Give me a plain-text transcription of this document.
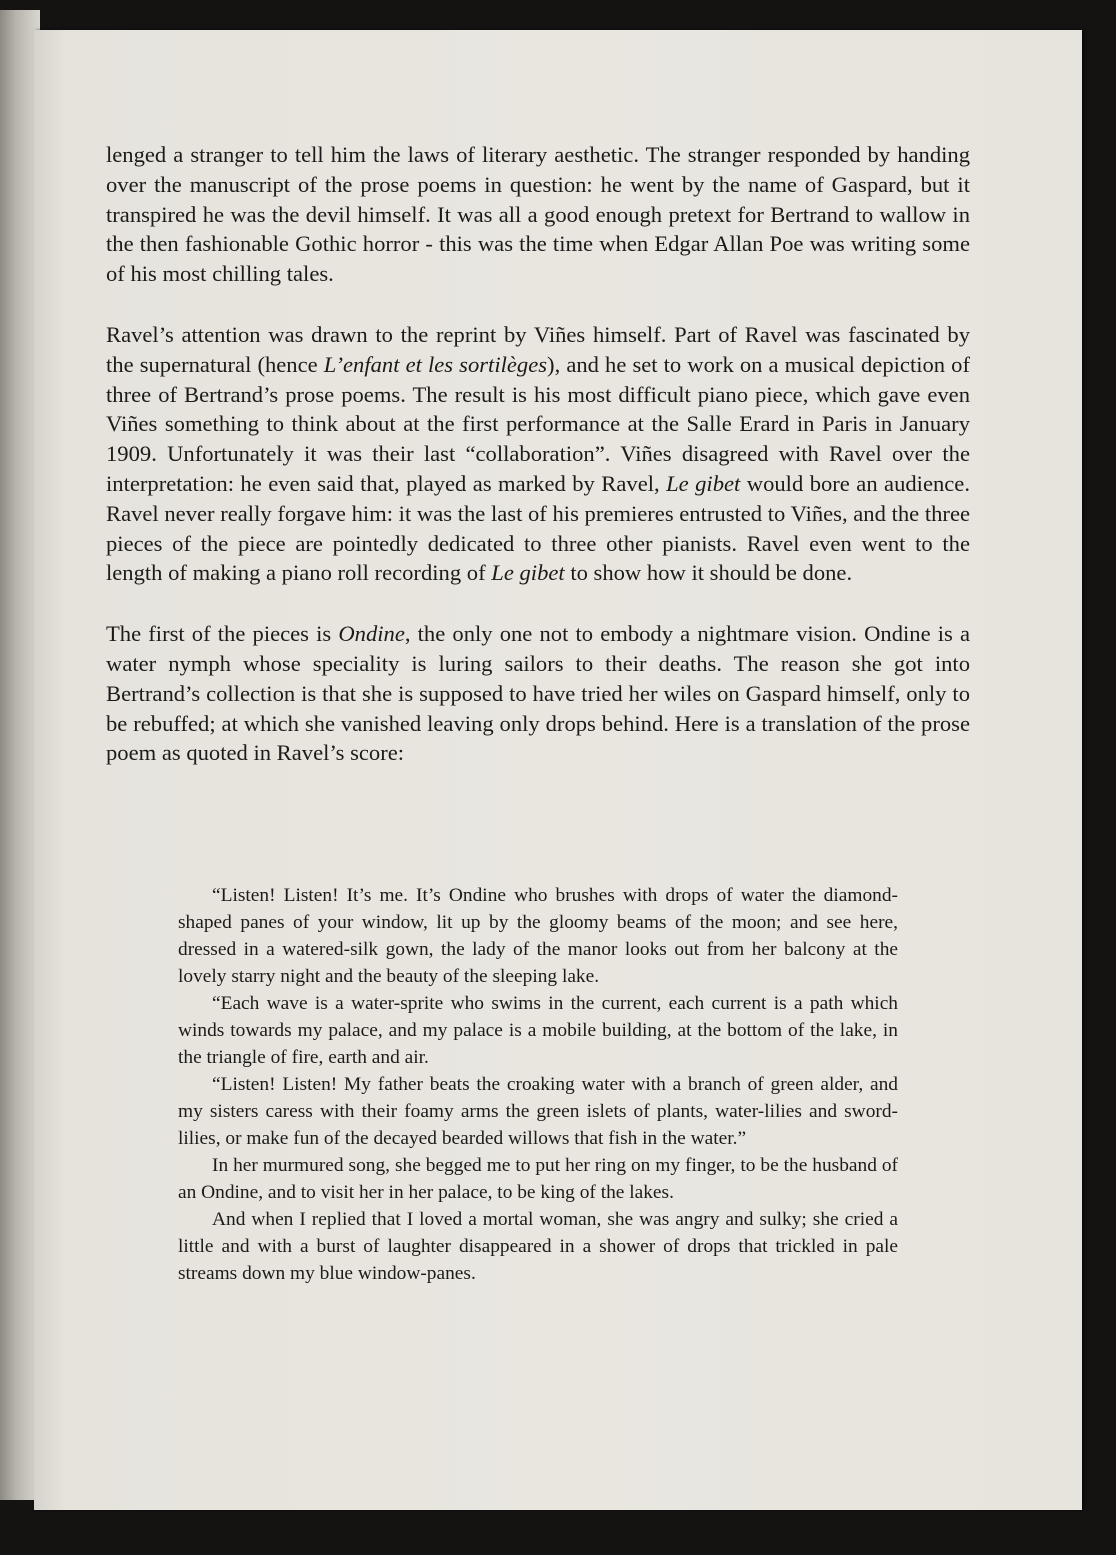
lenged a stranger to tell him the laws of literary aesthetic. The stranger responded by handing over the manuscript of the prose poems in question: he went by the name of Gaspard, but it transpired he was the devil himself. It was all a good enough pretext for Bertrand to wallow in the then fashionable Gothic horror - this was the time when Edgar Allan Poe was writing some of his most chilling tales.

Ravel’s attention was drawn to the reprint by Viñes himself. Part of Ravel was fascinated by the supernatural (hence L’enfant et les sortilèges), and he set to work on a musical depiction of three of Bertrand’s prose poems. The result is his most difficult piano piece, which gave even Viñes something to think about at the first performance at the Salle Erard in Paris in January 1909. Unfortunately it was their last “collaboration”. Viñes disagreed with Ravel over the interpretation: he even said that, played as marked by Ravel, Le gibet would bore an audience. Ravel never really forgave him: it was the last of his premieres entrusted to Viñes, and the three pieces of the piece are pointedly dedicated to three other pianists. Ravel even went to the length of making a piano roll recording of Le gibet to show how it should be done.

The first of the pieces is Ondine, the only one not to embody a nightmare vision. Ondine is a water nymph whose speciality is luring sailors to their deaths. The reason she got into Bertrand’s collection is that she is supposed to have tried her wiles on Gaspard himself, only to be rebuffed; at which she vanished leaving only drops behind. Here is a translation of the prose poem as quoted in Ravel’s score:

“Listen! Listen! It’s me. It’s Ondine who brushes with drops of water the diamond-shaped panes of your window, lit up by the gloomy beams of the moon; and see here, dressed in a watered-silk gown, the lady of the manor looks out from her balcony at the lovely starry night and the beauty of the sleeping lake.

“Each wave is a water-sprite who swims in the current, each current is a path which winds towards my palace, and my palace is a mobile building, at the bottom of the lake, in the triangle of fire, earth and air.

“Listen! Listen! My father beats the croaking water with a branch of green alder, and my sisters caress with their foamy arms the green islets of plants, water-lilies and sword-lilies, or make fun of the decayed bearded willows that fish in the water.”

In her murmured song, she begged me to put her ring on my finger, to be the husband of an Ondine, and to visit her in her palace, to be king of the lakes.

And when I replied that I loved a mortal woman, she was angry and sulky; she cried a little and with a burst of laughter disappeared in a shower of drops that trickled in pale streams down my blue window-panes.
